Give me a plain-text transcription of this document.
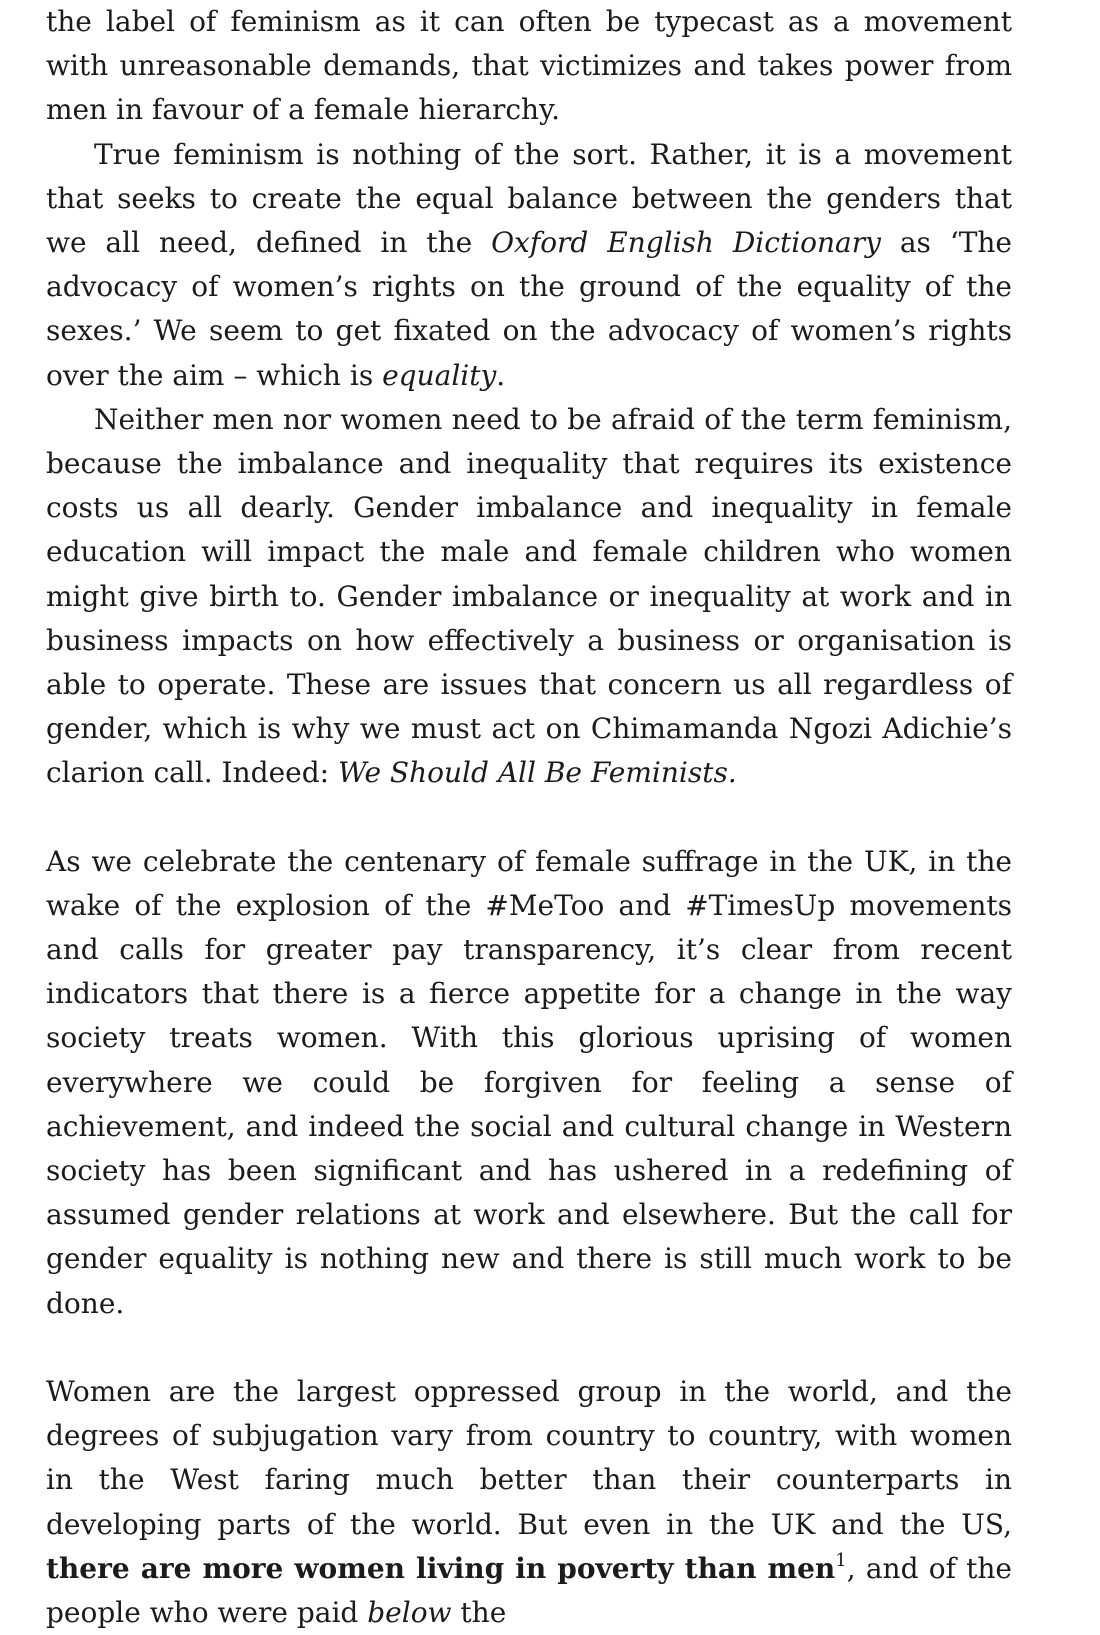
the label of feminism as it can often be typecast as a movement with unreasonable demands, that victimizes and takes power from men in favour of a female hierarchy.

True feminism is nothing of the sort. Rather, it is a movement that seeks to create the equal balance between the genders that we all need, defined in the Oxford English Dictionary as ‘The advocacy of women’s rights on the ground of the equality of the sexes.’ We seem to get fixated on the advocacy of women’s rights over the aim – which is equality.

Neither men nor women need to be afraid of the term feminism, because the imbalance and inequality that requires its existence costs us all dearly. Gender imbalance and inequality in female education will impact the male and female children who women might give birth to. Gender imbalance or inequality at work and in business impacts on how effectively a business or organisation is able to operate. These are issues that concern us all regardless of gender, which is why we must act on Chimamanda Ngozi Adichie’s clarion call. Indeed: We Should All Be Feminists.

As we celebrate the centenary of female suffrage in the UK, in the wake of the explosion of the #MeToo and #TimesUp movements and calls for greater pay transparency, it’s clear from recent indicators that there is a fierce appetite for a change in the way society treats women. With this glorious uprising of women everywhere we could be forgiven for feeling a sense of achievement, and indeed the social and cultural change in Western society has been significant and has ushered in a redefining of assumed gender relations at work and elsewhere. But the call for gender equality is nothing new and there is still much work to be done.

Women are the largest oppressed group in the world, and the degrees of subjugation vary from country to country, with women in the West faring much better than their counterparts in developing parts of the world. But even in the UK and the US, there are more women living in poverty than men$^1$, and of the people who were paid below the
